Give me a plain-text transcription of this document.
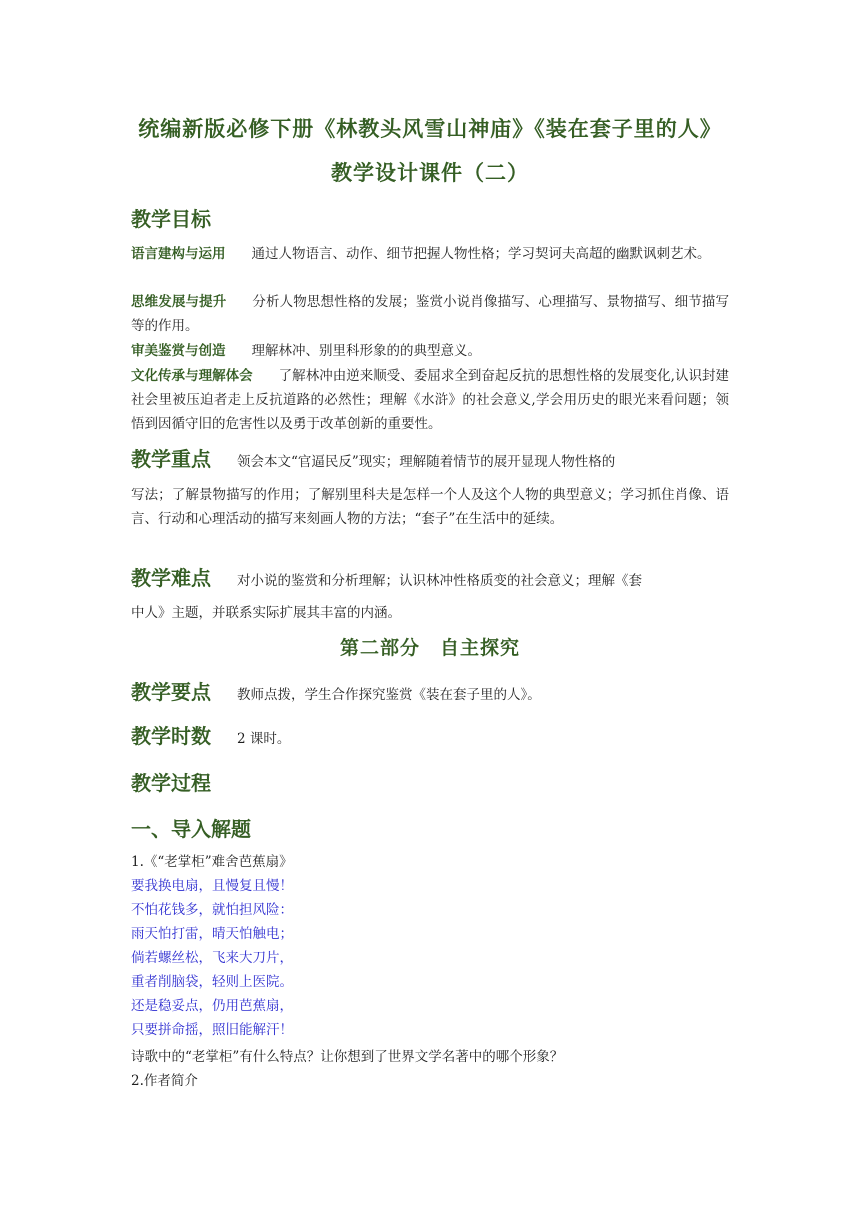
统编新版必修下册《林教头风雪山神庙》《装在套子里的人》
教学设计课件（二）
教学目标
语言建构与运用 通过人物语言、动作、细节把握人物性格；学习契诃夫高超的幽默讽刺艺术。
思维发展与提升 分析人物思想性格的发展；鉴赏小说肖像描写、心理描写、景物描写、细节描写等的作用。
审美鉴赏与创造 理解林冲、别里科形象的的典型意义。
文化传承与理解体会 了解林冲由逆来顺受、委屈求全到奋起反抗的思想性格的发展变化,认识封建社会里被压迫者走上反抗道路的必然性；理解《水浒》的社会意义,学会用历史的眼光来看问题；领悟到因循守旧的危害性以及勇于改革创新的重要性。
教学重点 领会本文“官逼民反”现实；理解随着情节的展开显现人物性格的
写法；了解景物描写的作用；了解别里科夫是怎样一个人及这个人物的典型意义；学习抓住肖像、语言、行动和心理活动的描写来刻画人物的方法；“套子”在生活中的延续。
教学难点 对小说的鉴赏和分析理解；认识林冲性格质变的社会意义；理解《套
中人》主题，并联系实际扩展其丰富的内涵。
第二部分　自主探究
教学要点 教师点拨，学生合作探究鉴赏《装在套子里的人》。
教学时数 2 课时。
教学过程
一、导入解题
1.《“老掌柜”难舍芭蕉扇》
要我换电扇，且慢复且慢！
不怕花钱多，就怕担风险：
雨天怕打雷，晴天怕触电；
倘若螺丝松，飞来大刀片，
重者削脑袋，轻则上医院。
还是稳妥点，仍用芭蕉扇，
只要拼命摇，照旧能解汗！
诗歌中的“老掌柜”有什么特点？让你想到了世界文学名著中的哪个形象？
2.作者简介
